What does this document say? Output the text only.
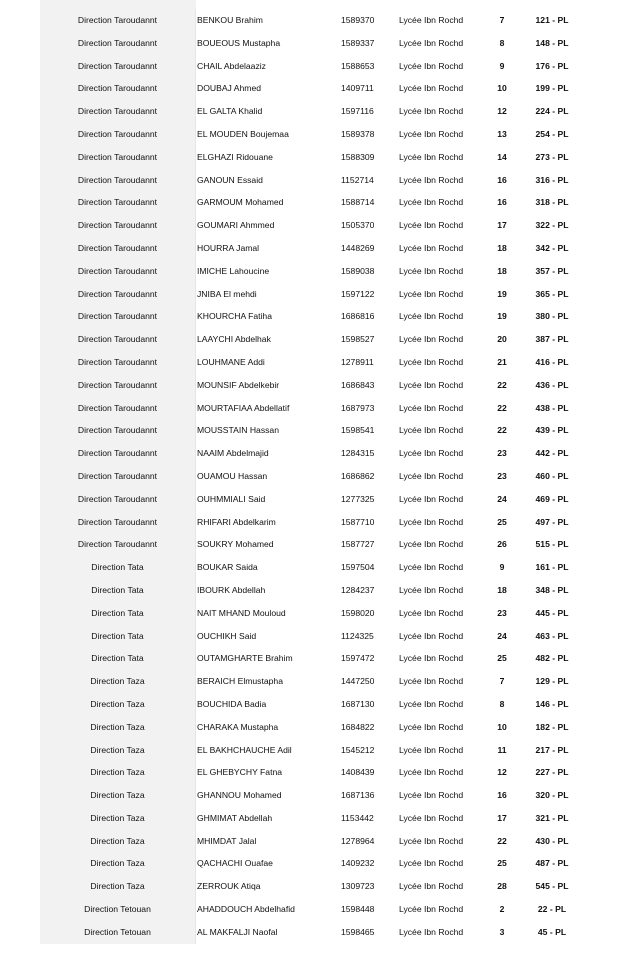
Direction Taroudannt	BENKOU Brahim	1589370	Lycée Ibn Rochd	7	121 - PL
Direction Taroudannt	BOUEOUS Mustapha	1589337	Lycée Ibn Rochd	8	148 - PL
Direction Taroudannt	CHAIL Abdelaaziz	1588653	Lycée Ibn Rochd	9	176 - PL
Direction Taroudannt	DOUBAJ Ahmed	1409711	Lycée Ibn Rochd	10	199 - PL
Direction Taroudannt	EL GALTA Khalid	1597116	Lycée Ibn Rochd	12	224 - PL
Direction Taroudannt	EL MOUDEN Boujemaa	1589378	Lycée Ibn Rochd	13	254 - PL
Direction Taroudannt	ELGHAZI Ridouane	1588309	Lycée Ibn Rochd	14	273 - PL
Direction Taroudannt	GANOUN Essaid	1152714	Lycée Ibn Rochd	16	316 - PL
Direction Taroudannt	GARMOUM Mohamed	1588714	Lycée Ibn Rochd	16	318 - PL
Direction Taroudannt	GOUMARI Ahmmed	1505370	Lycée Ibn Rochd	17	322 - PL
Direction Taroudannt	HOURRA Jamal	1448269	Lycée Ibn Rochd	18	342 - PL
Direction Taroudannt	IMICHE Lahoucine	1589038	Lycée Ibn Rochd	18	357 - PL
Direction Taroudannt	JNIBA El mehdi	1597122	Lycée Ibn Rochd	19	365 - PL
Direction Taroudannt	KHOURCHA Fatiha	1686816	Lycée Ibn Rochd	19	380 - PL
Direction Taroudannt	LAAYCHI Abdelhak	1598527	Lycée Ibn Rochd	20	387 - PL
Direction Taroudannt	LOUHMANE Addi	1278911	Lycée Ibn Rochd	21	416 - PL
Direction Taroudannt	MOUNSIF Abdelkebir	1686843	Lycée Ibn Rochd	22	436 - PL
Direction Taroudannt	MOURTAFIAA Abdellatif	1687973	Lycée Ibn Rochd	22	438 - PL
Direction Taroudannt	MOUSSTAIN Hassan	1598541	Lycée Ibn Rochd	22	439 - PL
Direction Taroudannt	NAAIM Abdelmajid	1284315	Lycée Ibn Rochd	23	442 - PL
Direction Taroudannt	OUAMOU Hassan	1686862	Lycée Ibn Rochd	23	460 - PL
Direction Taroudannt	OUHMMIALI Said	1277325	Lycée Ibn Rochd	24	469 - PL
Direction Taroudannt	RHIFARI Abdelkarim	1587710	Lycée Ibn Rochd	25	497 - PL
Direction Taroudannt	SOUKRY Mohamed	1587727	Lycée Ibn Rochd	26	515 - PL
Direction Tata	BOUKAR Saida	1597504	Lycée Ibn Rochd	9	161 - PL
Direction Tata	IBOURK Abdellah	1284237	Lycée Ibn Rochd	18	348 - PL
Direction Tata	NAIT MHAND Mouloud	1598020	Lycée Ibn Rochd	23	445 - PL
Direction Tata	OUCHIKH Said	1124325	Lycée Ibn Rochd	24	463 - PL
Direction Tata	OUTAMGHARTE Brahim	1597472	Lycée Ibn Rochd	25	482 - PL
Direction Taza	BERAICH Elmustapha	1447250	Lycée Ibn Rochd	7	129 - PL
Direction Taza	BOUCHIDA Badia	1687130	Lycée Ibn Rochd	8	146 - PL
Direction Taza	CHARAKA Mustapha	1684822	Lycée Ibn Rochd	10	182 - PL
Direction Taza	EL BAKHCHAUCHE Adil	1545212	Lycée Ibn Rochd	11	217 - PL
Direction Taza	EL GHEBYCHY Fatna	1408439	Lycée Ibn Rochd	12	227 - PL
Direction Taza	GHANNOU Mohamed	1687136	Lycée Ibn Rochd	16	320 - PL
Direction Taza	GHMIMAT Abdellah	1153442	Lycée Ibn Rochd	17	321 - PL
Direction Taza	MHIMDAT Jalal	1278964	Lycée Ibn Rochd	22	430 - PL
Direction Taza	QACHACHI Ouafae	1409232	Lycée Ibn Rochd	25	487 - PL
Direction Taza	ZERROUK Atiqa	1309723	Lycée Ibn Rochd	28	545 - PL
Direction Tetouan	AHADDOUCH Abdelhafid	1598448	Lycée Ibn Rochd	2	22 - PL
Direction Tetouan	AL MAKFALJI Naofal	1598465	Lycée Ibn Rochd	3	45 - PL
